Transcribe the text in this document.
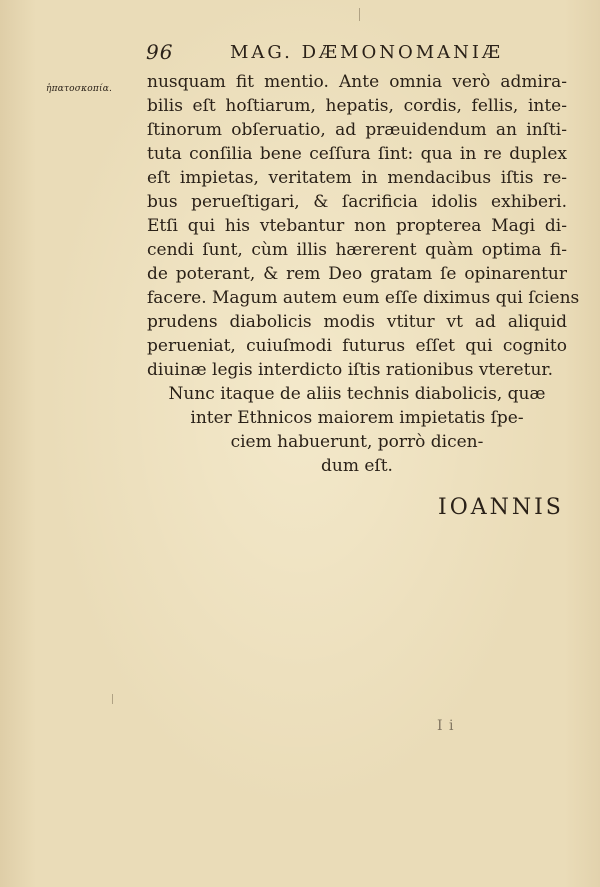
96	MAG. DÆMONOMANIÆ
ἡπατοσκοπία. nusquam fit mentio. Ante omnia verò admira-
bilis eſt hoſtiarum, hepatis, cordis, fellis, inte-
ſtinorum obſeruatio, ad præuidendum an inſti-
tuta conſilia bene ceſſura ſint: qua in re duplex
eſt impietas, veritatem in mendacibus iſtis re-
bus perueſtigari, & ſacrificia idolis exhiberi.
Etſi qui his vtebantur non propterea Magi di-
cendi ſunt, cùm illis hærerent quàm optima fi-
de poterant, & rem Deo gratam ſe opinarentur
facere. Magum autem eum eſſe diximus qui ſciens
prudens diabolicis modis vtitur vt ad aliquid
perueniat, cuiuſmodi futurus eſſet qui cognito
diuinæ legis interdicto iſtis rationibus vteretur.
Nunc itaque de aliis technis diabolicis, quæ
inter Ethnicos maiorem impietatis ſpe-
ciem habuerunt, porrò dicen-
dum eſt.
IOANNIS
I i
